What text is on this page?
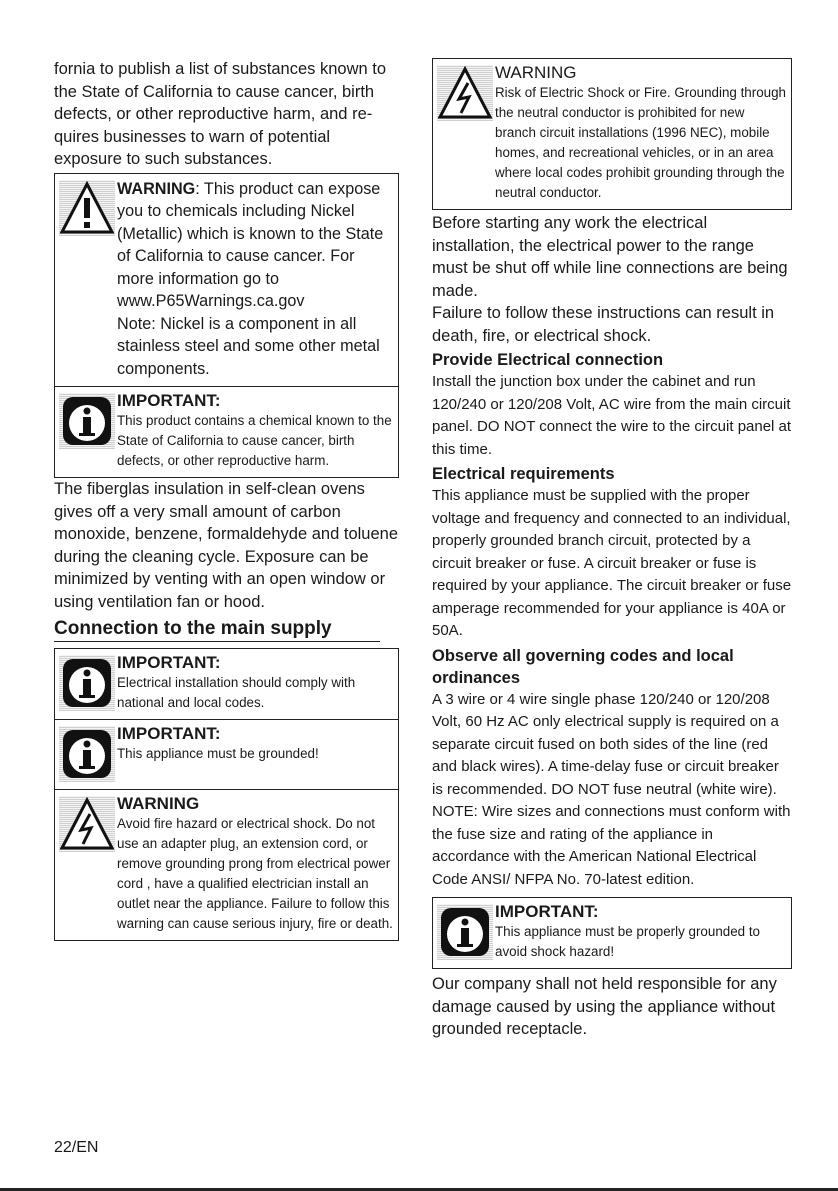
fornia to publish a list of substances known to the State of California to cause cancer, birth defects, or other reproductive harm, and re-quires businesses to warn of potential exposure to such substances.

WARNING: This product can expose you to chemicals including Nickel (Metallic) which is known to the State of California to cause cancer. For more information go to www.P65Warnings.ca.gov
Note: Nickel is a component in all stainless steel and some other metal components.
IMPORTANT:
This product contains a chemical known to the State of California to cause cancer, birth defects, or other reproductive harm.

The fiberglas insulation in self-clean ovens gives off a very small amount of carbon monoxide, benzene, formaldehyde and toluene during the cleaning cycle. Exposure can be minimized by venting with an open window or using ventilation fan or hood.

Connection to the main supply
IMPORTANT:
Electrical installation should comply with national and local codes.
IMPORTANT:
This appliance must be grounded!
WARNING
Avoid fire hazard or electrical shock. Do not use an adapter plug, an extension cord, or remove grounding prong from electrical power cord , have a qualified electrician install an outlet near the appliance. Failure to follow this warning can cause serious injury, fire or death.
WARNING
Risk of Electric Shock or Fire. Grounding through the neutral conductor is prohibited for new branch circuit installations (1996 NEC), mobile homes, and recreational vehicles, or in an area where local codes prohibit grounding through the neutral conductor.

Before starting any work the electrical installation, the electrical power to the range must be shut off while line connections are being made.

Failure to follow these instructions can result in death, fire, or electrical shock.

Provide Electrical connection

Install the junction box under the cabinet and run 120/240 or 120/208 Volt, AC wire from the main circuit panel. DO NOT connect the wire to the circuit panel at this time.

Electrical requirements

This appliance must be supplied with the proper voltage and frequency and connected to an individual, properly grounded branch circuit, protected by a circuit breaker or fuse. A circuit breaker or fuse is required by your appliance. The circuit breaker or fuse amperage recommended for your appliance is 40A or 50A.

Observe all governing codes and local ordinances

A 3 wire or 4 wire single phase 120/240 or 120/208 Volt, 60 Hz AC only electrical supply is required on a separate circuit fused on both sides of the line (red and black wires). A time-delay fuse or circuit breaker is recommended. DO NOT fuse neutral (white wire).

NOTE: Wire sizes and connections must conform with the fuse size and rating of the appliance in accordance with the American National Electrical Code ANSI/ NFPA No. 70-latest edition.

IMPORTANT:
This appliance must be properly grounded to avoid shock hazard!

Our company shall not held responsible for any damage caused by using the appliance without grounded receptacle.

22/EN
